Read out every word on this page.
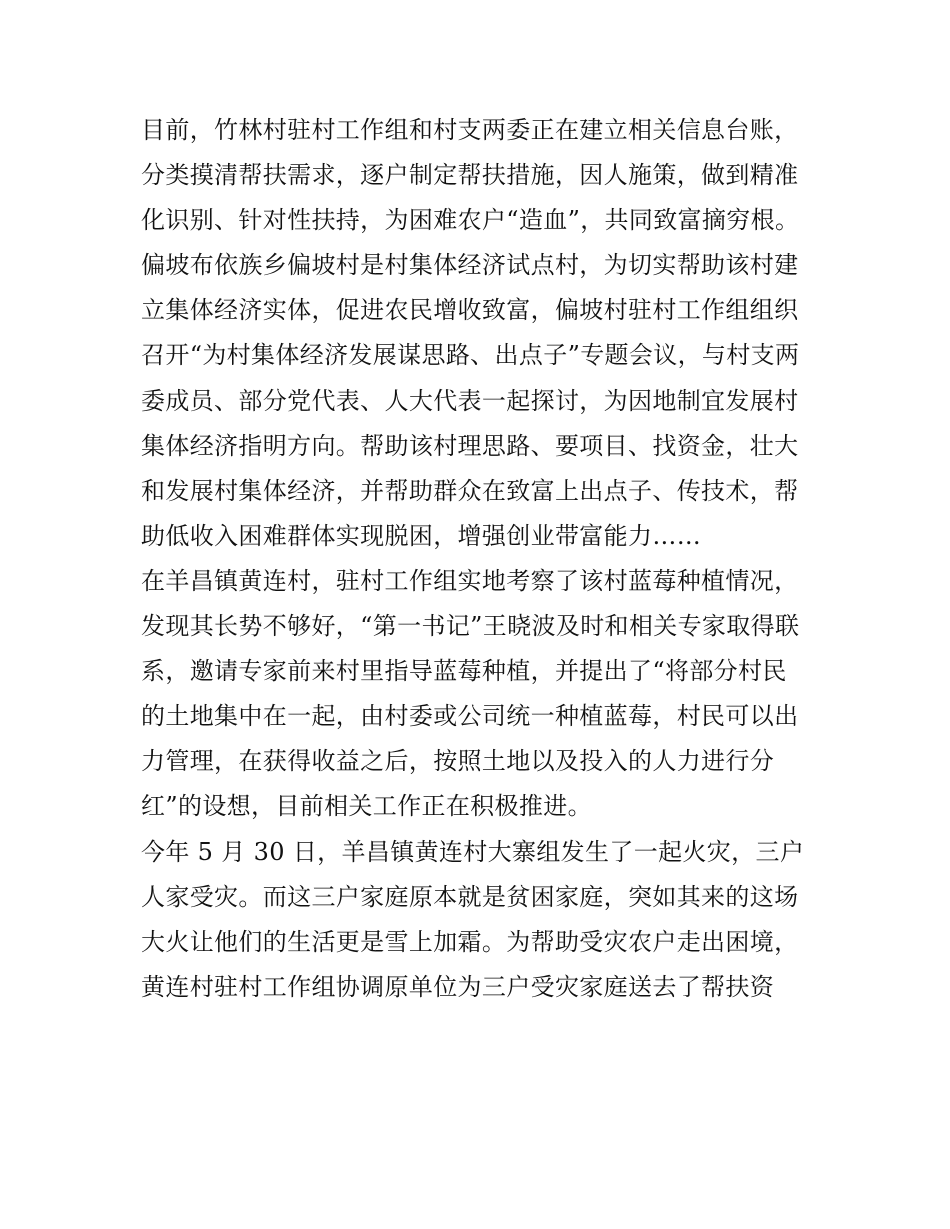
目前，竹林村驻村工作组和村支两委正在建立相关信息台账，
分类摸清帮扶需求，逐户制定帮扶措施，因人施策，做到精准
化识别、针对性扶持，为困难农户“造血”，共同致富摘穷根。
偏坡布依族乡偏坡村是村集体经济试点村，为切实帮助该村建
立集体经济实体，促进农民增收致富，偏坡村驻村工作组组织
召开“为村集体经济发展谋思路、出点子”专题会议，与村支两
委成员、部分党代表、人大代表一起探讨，为因地制宜发展村
集体经济指明方向。帮助该村理思路、要项目、找资金，壮大
和发展村集体经济，并帮助群众在致富上出点子、传技术，帮
助低收入困难群体实现脱困，增强创业带富能力……
在羊昌镇黄连村，驻村工作组实地考察了该村蓝莓种植情况，
发现其长势不够好，“第一书记”王晓波及时和相关专家取得联
系，邀请专家前来村里指导蓝莓种植，并提出了“将部分村民
的土地集中在一起，由村委或公司统一种植蓝莓，村民可以出
力管理，在获得收益之后，按照土地以及投入的人力进行分
红”的设想，目前相关工作正在积极推进。
今年 5 月 30 日，羊昌镇黄连村大寨组发生了一起火灾，三户
人家受灾。而这三户家庭原本就是贫困家庭，突如其来的这场
大火让他们的生活更是雪上加霜。为帮助受灾农户走出困境，
黄连村驻村工作组协调原单位为三户受灾家庭送去了帮扶资
